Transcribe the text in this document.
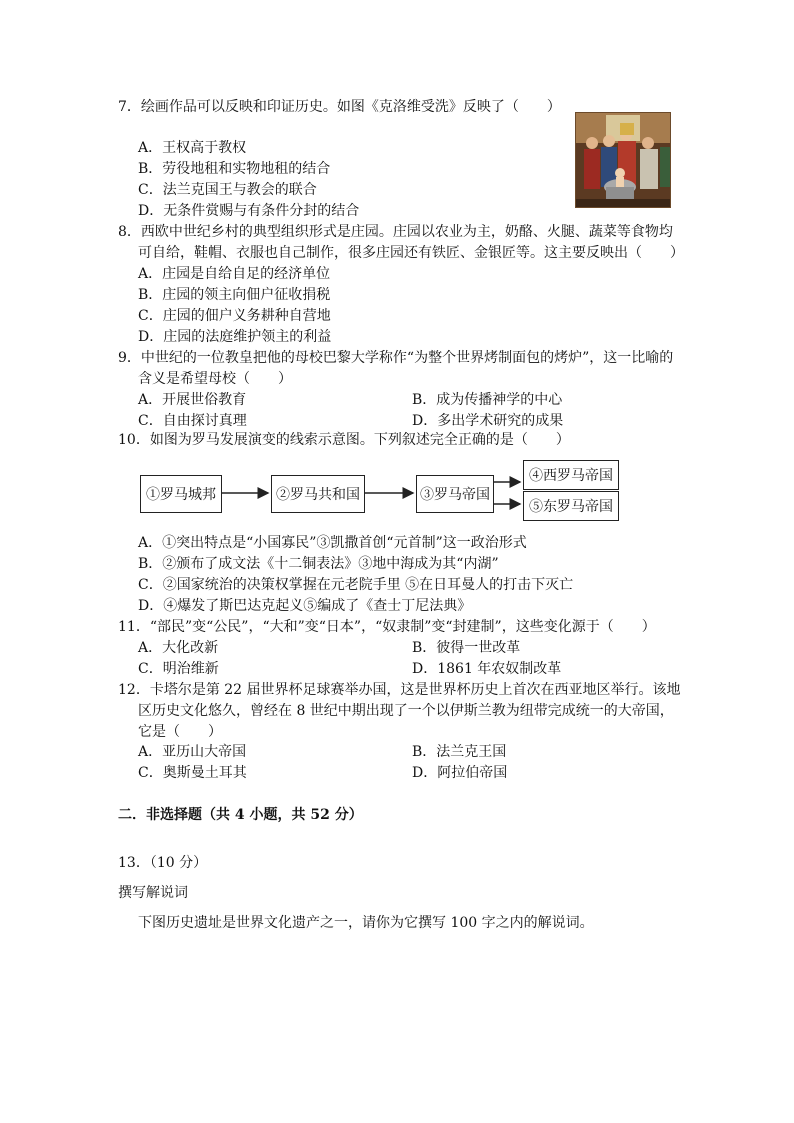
7．绘画作品可以反映和印证历史。如图《克洛维受洗》反映了（　　）
A．王权高于教权
B．劳役地租和实物地租的结合
C．法兰克国王与教会的联合
D．无条件赏赐与有条件分封的结合
8．西欧中世纪乡村的典型组织形式是庄园。庄园以农业为主，奶酪、火腿、蔬菜等食物均
可自给，鞋帽、衣服也自己制作，很多庄园还有铁匠、金银匠等。这主要反映出（　　）
A．庄园是自给自足的经济单位
B．庄园的领主向佃户征收捐税
C．庄园的佃户义务耕种自营地
D．庄园的法庭维护领主的利益
9．中世纪的一位教皇把他的母校巴黎大学称作“为整个世界烤制面包的烤炉”，这一比喻的
含义是希望母校（　　）
A．开展世俗教育	B．成为传播神学的中心
C．自由探讨真理	D．多出学术研究的成果
10．如图为罗马发展演变的线索示意图。下列叙述完全正确的是（　　）
①罗马城邦	②罗马共和国	③罗马帝国
④西罗马帝国
⑤东罗马帝国
A．①突出特点是“小国寡民”③凯撒首创“元首制”这一政治形式
B．②颁布了成文法《十二铜表法》③地中海成为其“内湖”
C．②国家统治的决策权掌握在元老院手里 ⑤在日耳曼人的打击下灭亡
D．④爆发了斯巴达克起义⑤编成了《查士丁尼法典》
11．“部民”变“公民”，“大和”变“日本”，“奴隶制”变“封建制”，这些变化源于（　　）
A．大化改新	B．彼得一世改革
C．明治维新	D．1861 年农奴制改革
12．卡塔尔是第 22 届世界杯足球赛举办国，这是世界杯历史上首次在西亚地区举行。该地
区历史文化悠久，曾经在 8 世纪中期出现了一个以伊斯兰教为纽带完成统一的大帝国，
它是（　　）
A．亚历山大帝国	B．法兰克王国
C．奥斯曼土耳其	D．阿拉伯帝国
二．非选择题（共 4 小题，共 52 分）
13．（10 分）
撰写解说词
下图历史遗址是世界文化遗产之一，请你为它撰写 100 字之内的解说词。
